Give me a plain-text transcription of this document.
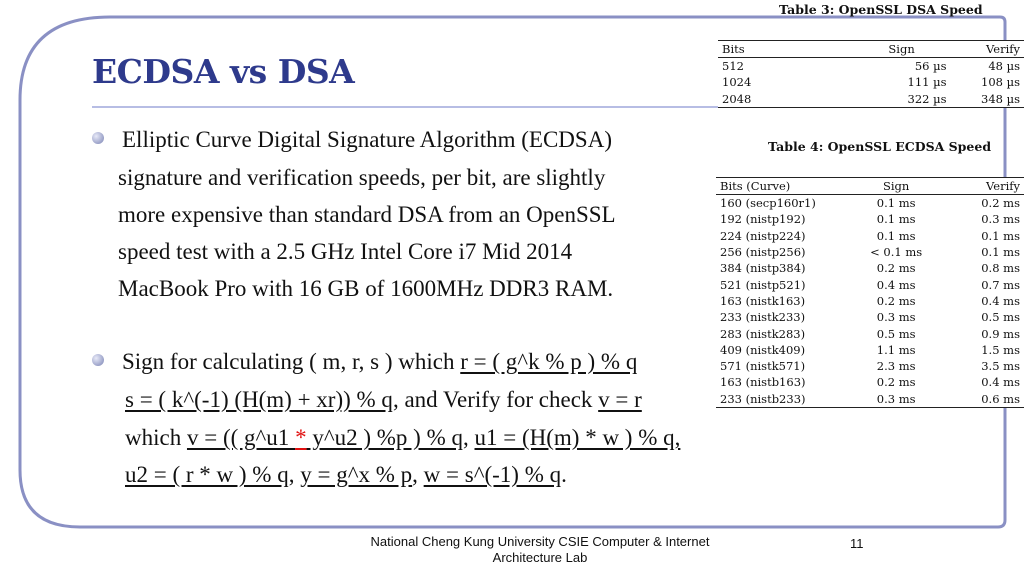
ECDSA vs DSA
Elliptic Curve Digital Signature Algorithm (ECDSA)
signature and verification speeds, per bit, are slightly
more expensive than standard DSA from an OpenSSL
speed test with a 2.5 GHz Intel Core i7 Mid 2014
MacBook Pro with 16 GB of 1600MHz DDR3 RAM.
Sign for calculating ( m, r, s ) which r = ( g^k % p ) % q
s = ( k^(-1) (H(m) + xr)) % q, and Verify for check v = r
which v = (( g^u1 * y^u2 ) %p ) % q, u1 = (H(m) * w ) % q,
u2 = ( r * w ) % q, y = g^x % p, w = s^(-1) % q.
Table 3: OpenSSL DSA Speed
Bits	Sign	Verify
512	56 µs	48 µs
1024	111 µs	108 µs
2048	322 µs	348 µs
Table 4: OpenSSL ECDSA Speed
Bits (Curve)	Sign	Verify
160 (secp160r1)	0.1 ms	0.2 ms
192 (nistp192)	0.1 ms	0.3 ms
224 (nistp224)	0.1 ms	0.1 ms
256 (nistp256)	< 0.1 ms	0.1 ms
384 (nistp384)	0.2 ms	0.8 ms
521 (nistp521)	0.4 ms	0.7 ms
163 (nistk163)	0.2 ms	0.4 ms
233 (nistk233)	0.3 ms	0.5 ms
283 (nistk283)	0.5 ms	0.9 ms
409 (nistk409)	1.1 ms	1.5 ms
571 (nistk571)	2.3 ms	3.5 ms
163 (nistb163)	0.2 ms	0.4 ms
233 (nistb233)	0.3 ms	0.6 ms
National Cheng Kung University CSIE Computer & Internet
Architecture Lab
11
